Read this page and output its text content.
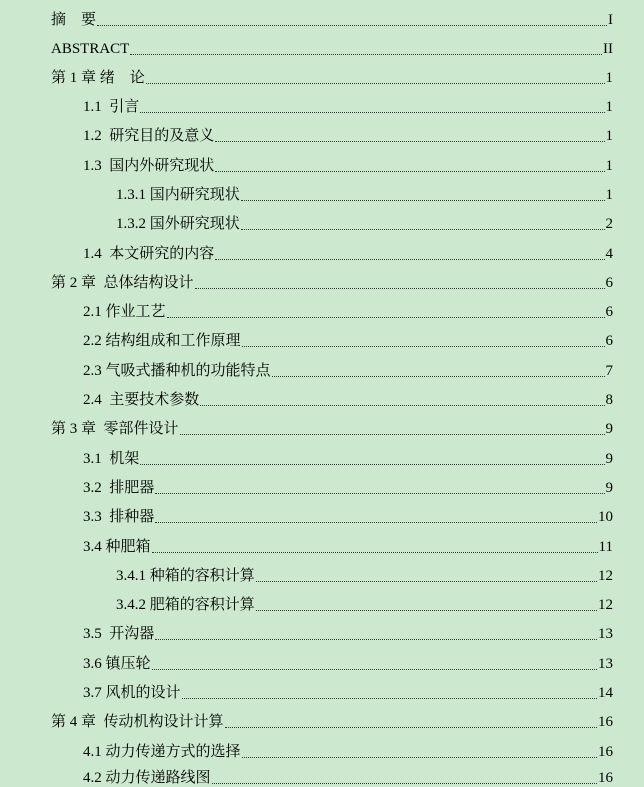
摘　要	I
ABSTRACT	II
第 1 章 绪　论	1
1.1  引言	1
1.2  研究目的及意义	1
1.3  国内外研究现状	1
1.3.1 国内研究现状	1
1.3.2 国外研究现状	2
1.4  本文研究的内容	4
第 2 章  总体结构设计	6
2.1 作业工艺	6
2.2 结构组成和工作原理	6
2.3 气吸式播种机的功能特点	7
2.4  主要技术参数	8
第 3 章  零部件设计	9
3.1  机架	9
3.2  排肥器	9
3.3  排种器	10
3.4 种肥箱	11
3.4.1 种箱的容积计算	12
3.4.2 肥箱的容积计算	12
3.5  开沟器	13
3.6 镇压轮	13
3.7 风机的设计	14
第 4 章  传动机构设计计算	16
4.1 动力传递方式的选择	16
4.2 动力传递路线图	16
